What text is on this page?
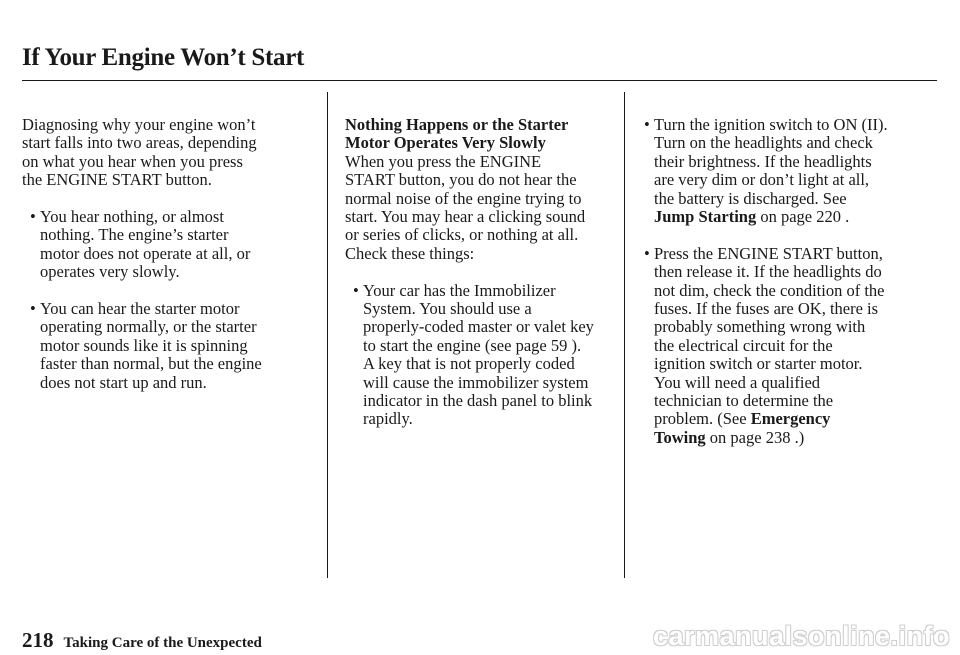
If Your Engine Won’t Start

Diagnosing why your engine won’t

start falls into two areas, depending

on what you hear when you press

the ENGINE START button.

• You hear nothing, or almost

nothing. The engine’s starter

motor does not operate at all, or

operates very slowly.

• You can hear the starter motor

operating normally, or the starter

motor sounds like it is spinning

faster than normal, but the engine

does not start up and run.

Nothing Happens or the Starter

Motor Operates Very Slowly

When you press the ENGINE

START button, you do not hear the

normal noise of the engine trying to

start. You may hear a clicking sound

or series of clicks, or nothing at all.

Check these things:

• Your car has the Immobilizer

System. You should use a

properly-coded master or valet key

to start the engine (see page 59 ).

A key that is not properly coded

will cause the immobilizer system

indicator in the dash panel to blink

rapidly.

• Turn the ignition switch to ON (II).

Turn on the headlights and check

their brightness. If the headlights

are very dim or don’t light at all,

the battery is discharged. See

Jump Starting on page 220 .

• Press the ENGINE START button,

then release it. If the headlights do

not dim, check the condition of the

fuses. If the fuses are OK, there is

probably something wrong with

the electrical circuit for the

ignition switch or starter motor.

You will need a qualified

technician to determine the

problem. (See Emergency

Towing on page 238 .)

218 Taking Care of the Unexpected	carmanualsonline.info
